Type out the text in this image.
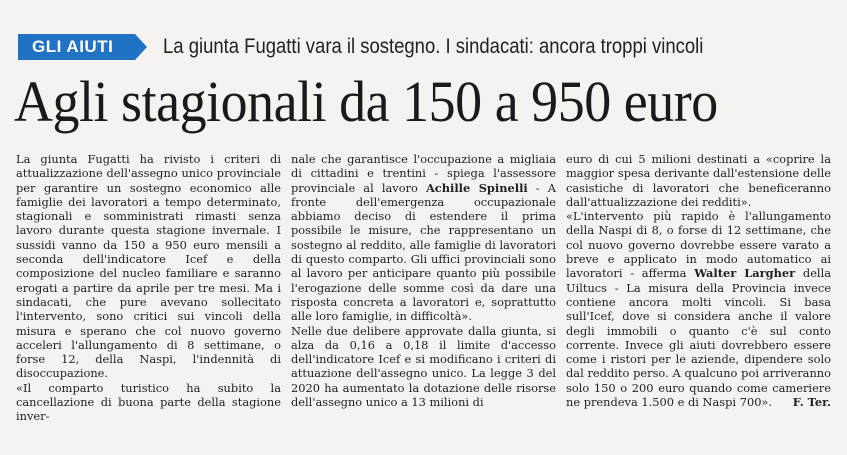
GLI AIUTI	La giunta Fugatti vara il sostegno. I sindacati: ancora troppi vincoli
Agli stagionali da 150 a 950 euro

La giunta Fugatti ha rivisto i criteri di attualizzazione dell'assegno unico provinciale per garantire un sostegno economico alle famiglie dei lavoratori a tempo determinato, stagionali e somministrati rimasti senza lavoro durante questa stagione invernale. I sussidi vanno da 150 a 950 euro mensili a seconda dell'indicatore Icef e della composizione del nucleo familiare e saranno erogati a partire da aprile per tre mesi. Ma i sindacati, che pure avevano sollecitato l'intervento, sono critici sui vincoli della misura e sperano che col nuovo governo acceleri l'allungamento di 8 settimane, o forse 12, della Naspi, l'indennità di disoccupazione.

«Il comparto turistico ha subito la cancellazione di buona parte della stagione inver-

nale che garantisce l'occupazione a migliaia di cittadini e trentini - spiega l'assessore provinciale al lavoro Achille Spinelli - A fronte dell'emergenza occupazionale abbiamo deciso di estendere il prima possibile le misure, che rappresentano un sostegno al reddito, alle famiglie di lavoratori di questo comparto. Gli uffici provinciali sono al lavoro per anticipare quanto più possibile l'erogazione delle somme così da dare una risposta concreta a lavoratori e, soprattutto alle loro famiglie, in difficoltà».

Nelle due delibere approvate dalla giunta, si alza da 0,16 a 0,18 il limite d'accesso dell'indicatore Icef e si modificano i criteri di attuazione dell'assegno unico. La legge 3 del 2020 ha aumentato la dotazione delle risorse dell'assegno unico a 13 milioni di

euro di cui 5 milioni destinati a «coprire la maggior spesa derivante dall'estensione delle casistiche di lavoratori che beneficeranno dall'attualizzazione dei redditi».

«L'intervento più rapido è l'allungamento della Naspi di 8, o forse di 12 settimane, che col nuovo governo dovrebbe essere varato a breve e applicato in modo automatico ai lavoratori - afferma Walter Largher della Uiltucs - La misura della Provincia invece contiene ancora molti vincoli. Si basa sull'Icef, dove si considera anche il valore degli immobili o quanto c'è sul conto corrente. Invece gli aiuti dovrebbero essere come i ristori per le aziende, dipendere solo dal reddito perso. A qualcuno poi arriveranno solo 150 o 200 euro quando come cameriere ne prendeva 1.500 e di Naspi 700». F. Ter.
